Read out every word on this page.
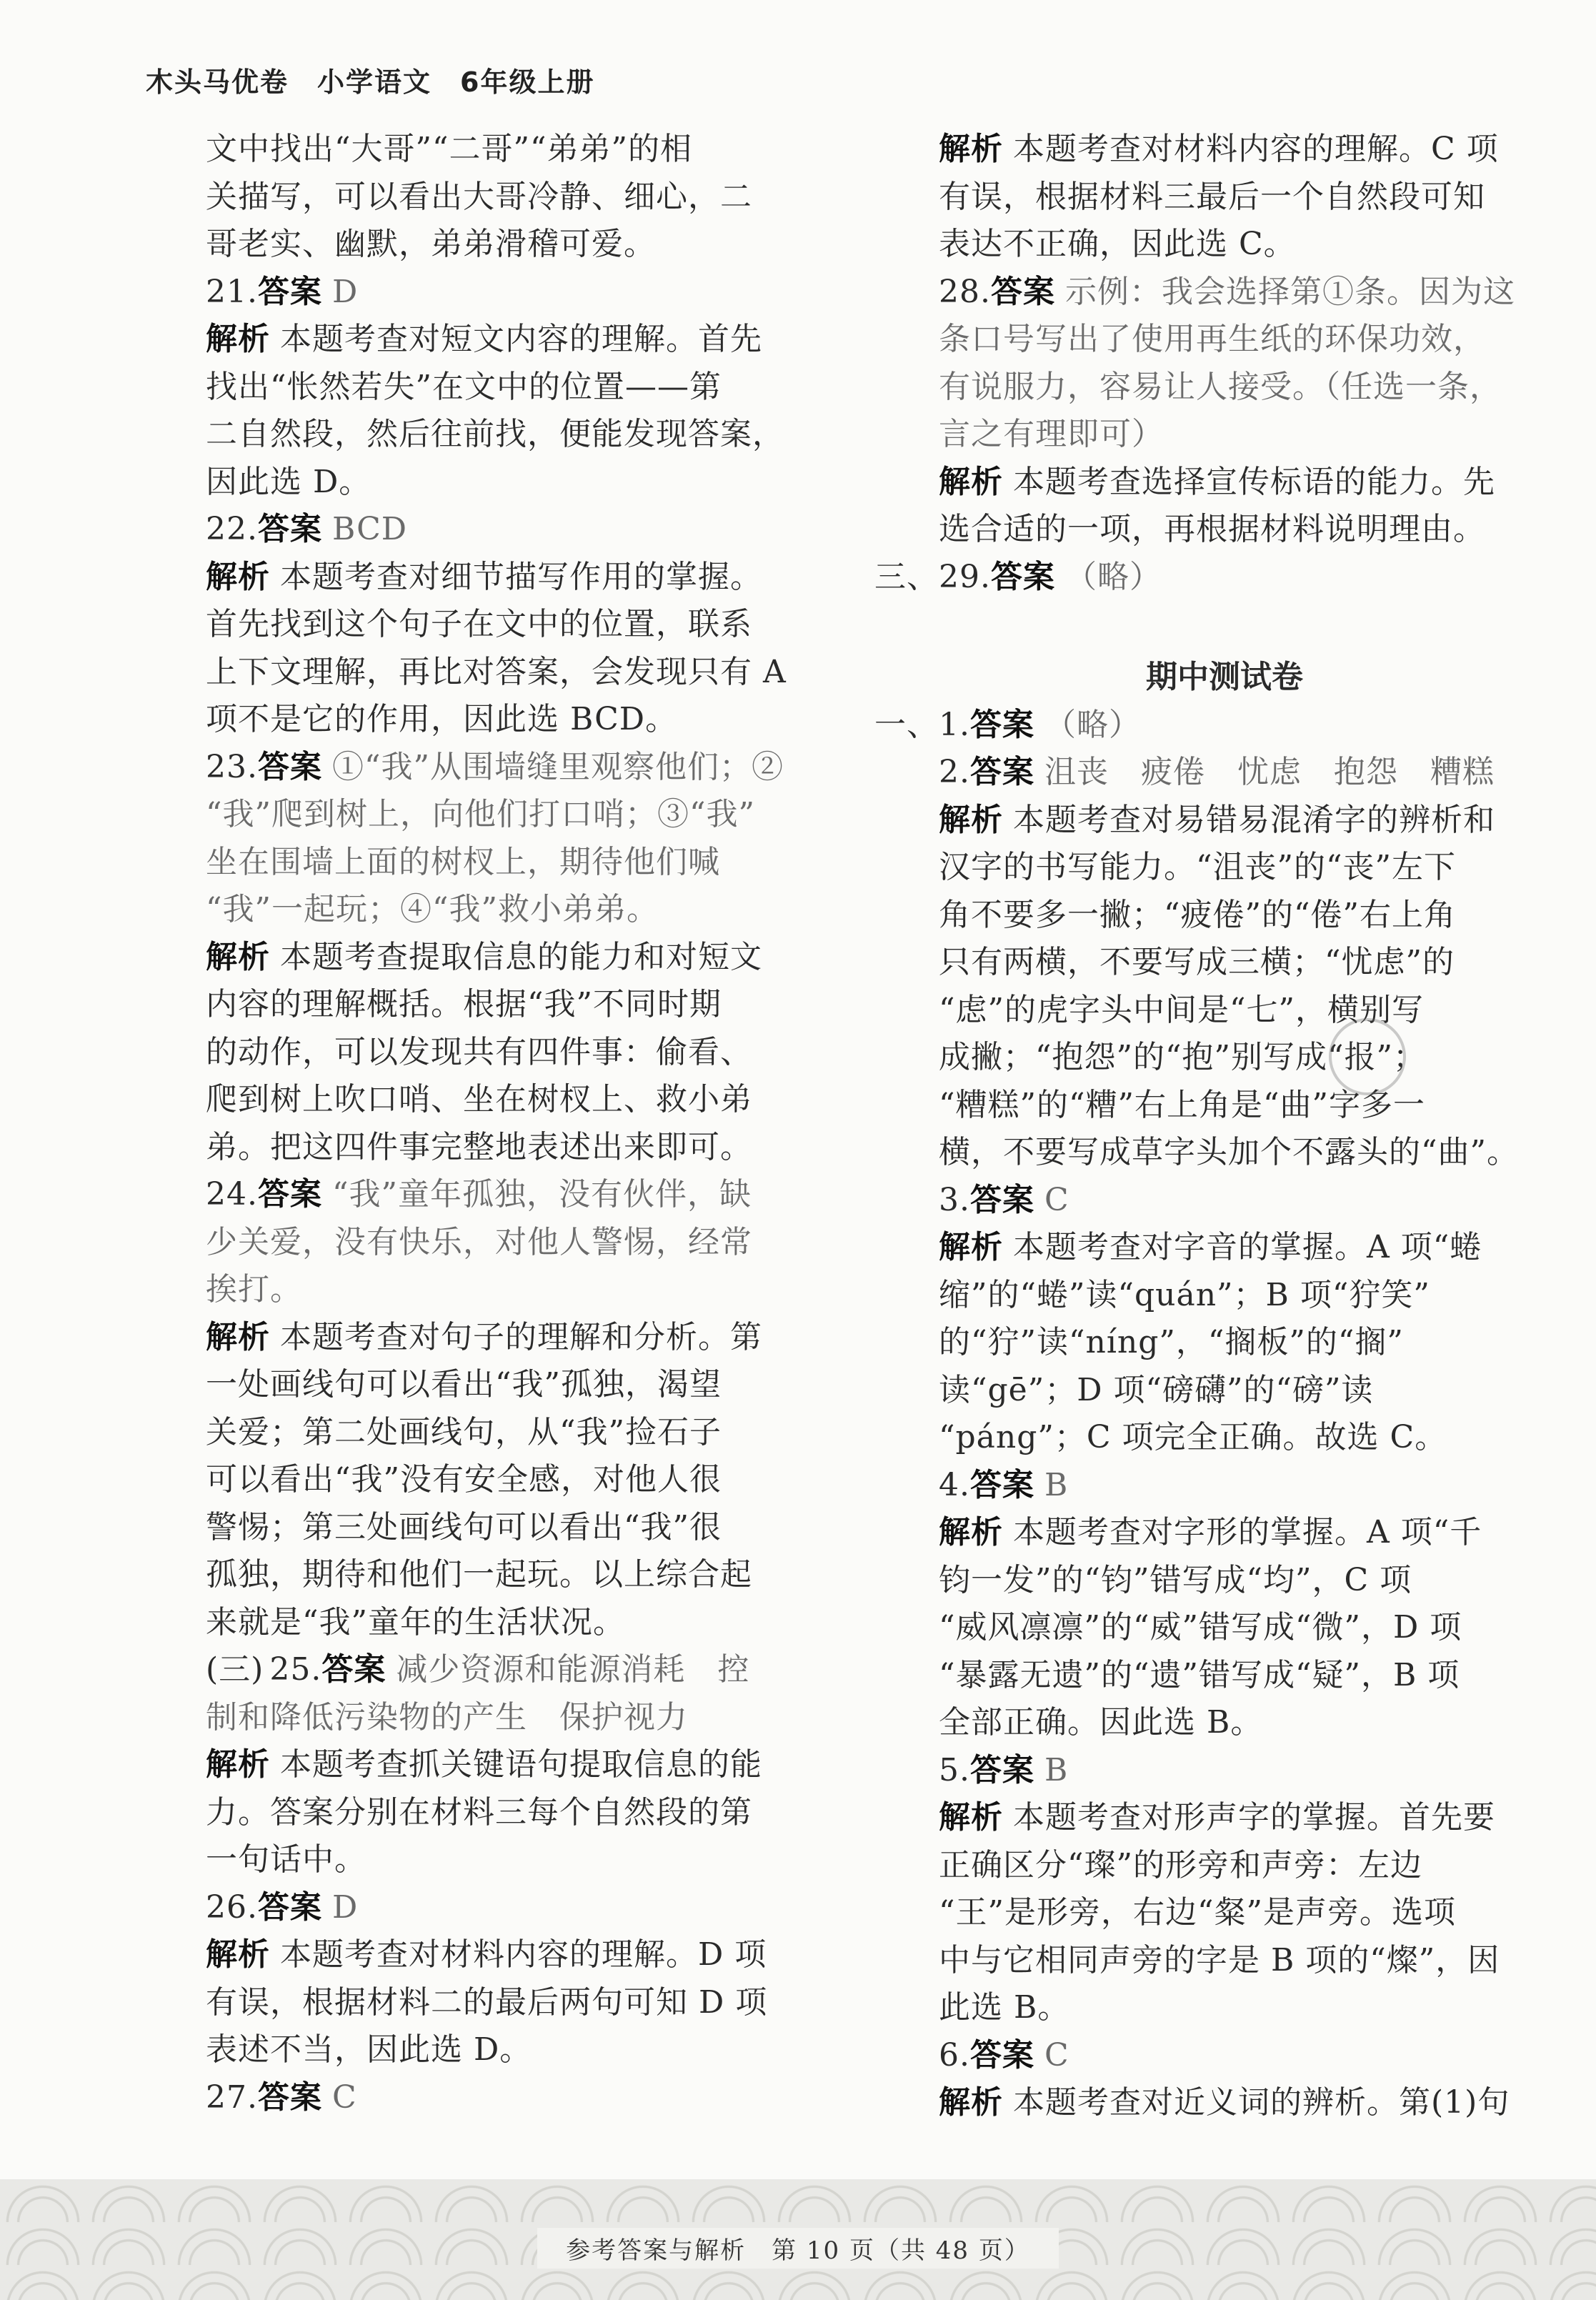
木头马优卷　小学语文　6年级上册
文中找出“大哥”“二哥”“弟弟”的相
关描写，可以看出大哥冷静、细心，二
哥老实、幽默，弟弟滑稽可爱。
21.答案 D
解析 本题考查对短文内容的理解。首先
找出“怅然若失”在文中的位置——第
二自然段，然后往前找，便能发现答案，
因此选 D。
22.答案 BCD
解析 本题考查对细节描写作用的掌握。
首先找到这个句子在文中的位置，联系
上下文理解，再比对答案，会发现只有 A
项不是它的作用，因此选 BCD。
23.答案 ①“我”从围墙缝里观察他们；②
“我”爬到树上，向他们打口哨；③“我”
坐在围墙上面的树杈上，期待他们喊
“我”一起玩；④“我”救小弟弟。
解析 本题考查提取信息的能力和对短文
内容的理解概括。根据“我”不同时期
的动作，可以发现共有四件事：偷看、
爬到树上吹口哨、坐在树杈上、救小弟
弟。把这四件事完整地表述出来即可。
24.答案 “我”童年孤独，没有伙伴，缺
少关爱，没有快乐，对他人警惕，经常
挨打。
解析 本题考查对句子的理解和分析。第
一处画线句可以看出“我”孤独，渴望
关爱；第二处画线句，从“我”捡石子
可以看出“我”没有安全感，对他人很
警惕；第三处画线句可以看出“我”很
孤独，期待和他们一起玩。以上综合起
来就是“我”童年的生活状况。
(三) 25.答案 减少资源和能源消耗　控
制和降低污染物的产生　保护视力
解析 本题考查抓关键语句提取信息的能
力。答案分别在材料三每个自然段的第
一句话中。
26.答案 D
解析 本题考查对材料内容的理解。D 项
有误，根据材料二的最后两句可知 D 项
表述不当，因此选 D。
27.答案 C
解析 本题考查对材料内容的理解。C 项
有误，根据材料三最后一个自然段可知
表达不正确，因此选 C。
28.答案 示例：我会选择第①条。因为这
条口号写出了使用再生纸的环保功效，
有说服力，容易让人接受。（任选一条，
言之有理即可）
解析 本题考查选择宣传标语的能力。先
选合适的一项，再根据材料说明理由。
三、29.答案 （略）
期中测试卷
一、1.答案 （略）
2.答案 沮丧　疲倦　忧虑　抱怨　糟糕
解析 本题考查对易错易混淆字的辨析和
汉字的书写能力。“沮丧”的“丧”左下
角不要多一撇；“疲倦”的“倦”右上角
只有两横，不要写成三横；“忧虑”的
“虑”的虎字头中间是“七”，横别写
成撇；“抱怨”的“抱”别写成“报”；
“糟糕”的“糟”右上角是“曲”字多一
横，不要写成草字头加个不露头的“曲”。
3.答案 C
解析 本题考查对字音的掌握。A 项“蜷
缩”的“蜷”读“quán”；B 项“狞笑”
的“狞”读“níng”，“搁板”的“搁”
读“gē”；D 项“磅礴”的“磅”读
“páng”；C 项完全正确。故选 C。
4.答案 B
解析 本题考查对字形的掌握。A 项“千
钧一发”的“钧”错写成“均”，C 项
“威风凛凛”的“威”错写成“微”，D 项
“暴露无遗”的“遗”错写成“疑”，B 项
全部正确。因此选 B。
5.答案 B
解析 本题考查对形声字的掌握。首先要
正确区分“璨”的形旁和声旁：左边
“王”是形旁，右边“粲”是声旁。选项
中与它相同声旁的字是 B 项的“燦”，因
此选 B。
6.答案 C
解析 本题考查对近义词的辨析。第(1)句
参考答案与解析　第 10 页（共 48 页）
